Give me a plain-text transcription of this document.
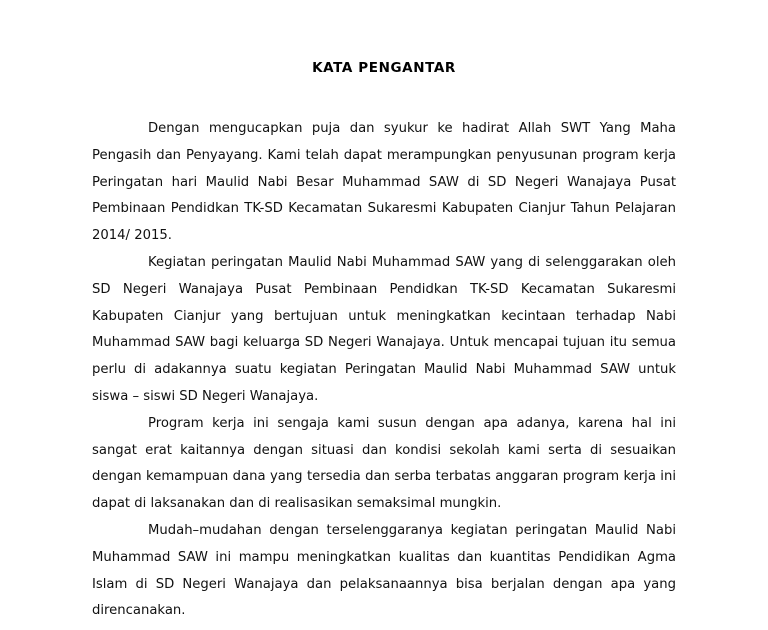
KATA PENGANTAR

Dengan mengucapkan puja dan syukur ke hadirat Allah SWT Yang Maha Pengasih dan Penyayang. Kami telah dapat merampungkan penyusunan program kerja Peringatan hari Maulid Nabi Besar Muhammad SAW di SD Negeri Wanajaya Pusat Pembinaan Pendidkan TK-SD Kecamatan Sukaresmi Kabupaten Cianjur Tahun Pelajaran 2014/ 2015.

Kegiatan peringatan Maulid Nabi Muhammad SAW yang di selenggarakan oleh SD Negeri Wanajaya Pusat Pembinaan Pendidkan TK-SD Kecamatan Sukaresmi Kabupaten Cianjur yang bertujuan untuk meningkatkan kecintaan terhadap Nabi Muhammad SAW bagi keluarga SD Negeri Wanajaya. Untuk mencapai tujuan itu semua perlu di adakannya suatu kegiatan Peringatan Maulid Nabi Muhammad SAW untuk siswa – siswi SD Negeri Wanajaya.

Program kerja ini sengaja kami susun dengan apa adanya, karena hal ini sangat erat kaitannya dengan situasi dan kondisi sekolah kami serta di sesuaikan dengan kemampuan dana yang tersedia dan serba terbatas anggaran program kerja ini dapat di laksanakan dan di realisasikan semaksimal mungkin.

Mudah–mudahan dengan terselenggaranya kegiatan peringatan Maulid Nabi Muhammad SAW ini mampu meningkatkan kualitas dan kuantitas Pendidikan Agma Islam di SD Negeri Wanajaya dan pelaksanaannya bisa berjalan dengan apa yang direncanakan.
